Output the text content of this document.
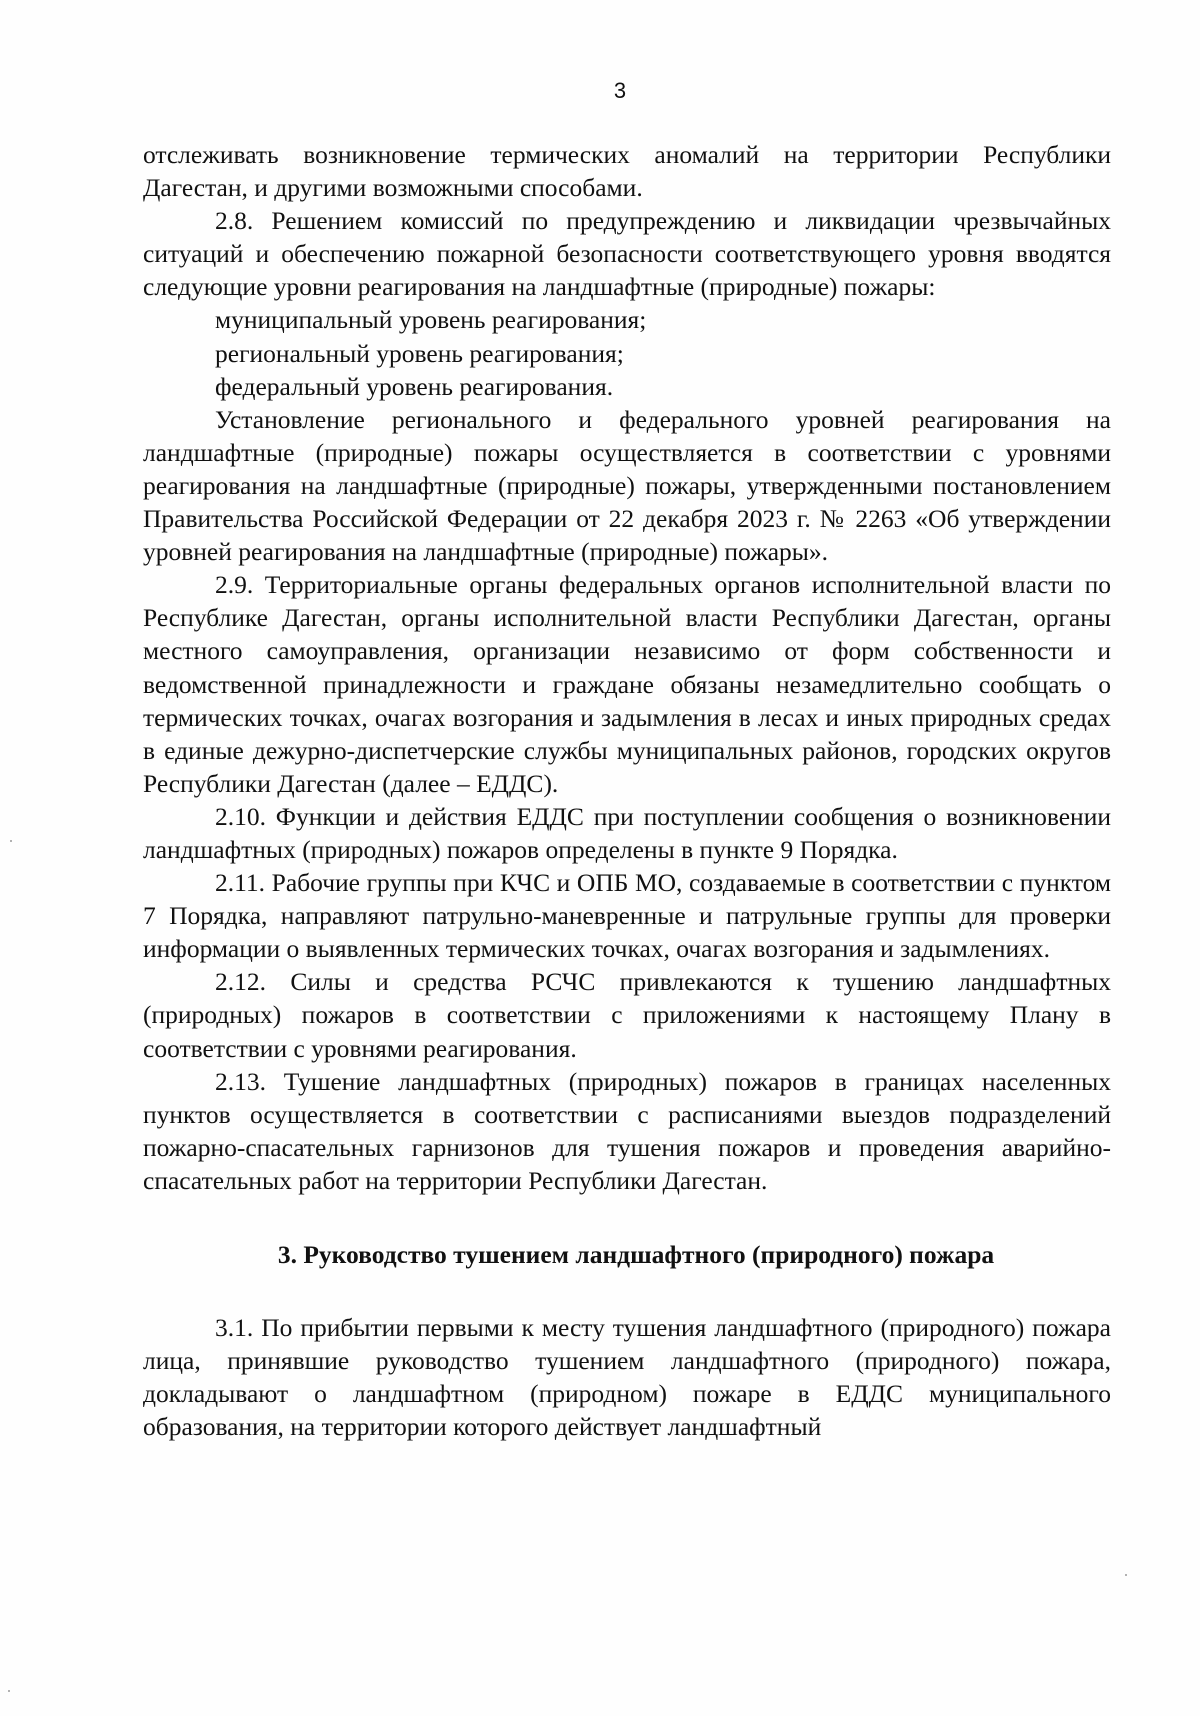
3

отслеживать возникновение термических аномалий на территории Республики Дагестан, и другими возможными способами.

2.8. Решением комиссий по предупреждению и ликвидации чрезвычайных ситуаций и обеспечению пожарной безопасности соответствующего уровня вводятся следующие уровни реагирования на ландшафтные (природные) пожары:

муниципальный уровень реагирования;

региональный уровень реагирования;

федеральный уровень реагирования.

Установление регионального и федерального уровней реагирования на ландшафтные (природные) пожары осуществляется в соответствии с уровнями реагирования на ландшафтные (природные) пожары, утвержденными постановлением Правительства Российской Федерации от 22 декабря 2023 г. № 2263 «Об утверждении уровней реагирования на ландшафтные (природные) пожары».

2.9. Территориальные органы федеральных органов исполнительной власти по Республике Дагестан, органы исполнительной власти Республики Дагестан, органы местного самоуправления, организации независимо от форм собственности и ведомственной принадлежности и граждане обязаны незамедлительно сообщать о термических точках, очагах возгорания и задымления в лесах и иных природных средах в единые дежурно-диспетчерские службы муниципальных районов, городских округов Республики Дагестан (далее – ЕДДС).

2.10. Функции и действия ЕДДС при поступлении сообщения о возникновении ландшафтных (природных) пожаров определены в пункте 9 Порядка.

2.11. Рабочие группы при КЧС и ОПБ МО, создаваемые в соответствии с пунктом 7 Порядка, направляют патрульно-маневренные и патрульные группы для проверки информации о выявленных термических точках, очагах возгорания и задымлениях.

2.12. Силы и средства РСЧС привлекаются к тушению ландшафтных (природных) пожаров в соответствии с приложениями к настоящему Плану в соответствии с уровнями реагирования.

2.13. Тушение ландшафтных (природных) пожаров в границах населенных пунктов осуществляется в соответствии с расписаниями выездов подразделений пожарно-спасательных гарнизонов для тушения пожаров и проведения аварийно-спасательных работ на территории Республики Дагестан.

3. Руководство тушением ландшафтного (природного) пожара

3.1. По прибытии первыми к месту тушения ландшафтного (природного) пожара лица, принявшие руководство тушением ландшафтного (природного) пожара, докладывают о ландшафтном (природном) пожаре в ЕДДС муниципального образования, на территории которого действует ландшафтный
